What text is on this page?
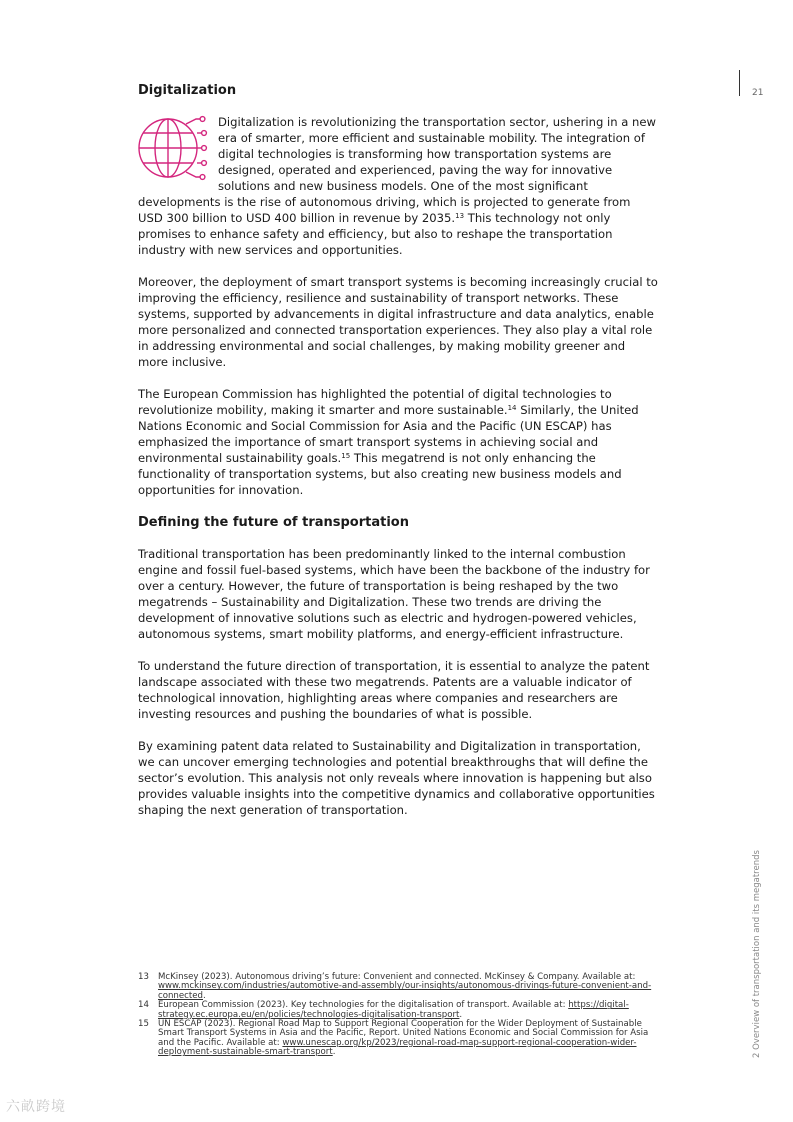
21
2 Overview of transportation and its megatrends
Digitalization

Digitalization is revolutionizing the transportation sector, ushering in a new era of smarter, more efficient and sustainable mobility. The integration of digital technologies is transforming how transportation systems are designed, operated and experienced, paving the way for innovative solutions and new business models. One of the most significant developments is the rise of autonomous driving, which is projected to generate from USD 300 billion to USD 400 billion in revenue by 2035.13 This technology not only promises to enhance safety and efficiency, but also to reshape the transportation industry with new services and opportunities.

Moreover, the deployment of smart transport systems is becoming increasingly crucial to improving the efficiency, resilience and sustainability of transport networks. These systems, supported by advancements in digital infrastructure and data analytics, enable more personalized and connected transportation experiences. They also play a vital role in addressing environmental and social challenges, by making mobility greener and more inclusive.

The European Commission has highlighted the potential of digital technologies to revolutionize mobility, making it smarter and more sustainable.$^{14}$ Similarly, the United Nations Economic and Social Commission for Asia and the Pacific (UN ESCAP) has emphasized the importance of smart transport systems in achieving social and environmental sustainability goals.$^{15}$ This megatrend is not only enhancing the functionality of transportation systems, but also creating new business models and opportunities for innovation.

Defining the future of transportation

Traditional transportation has been predominantly linked to the internal combustion engine and fossil fuel-based systems, which have been the backbone of the industry for over a century. However, the future of transportation is being reshaped by the two megatrends – Sustainability and Digitalization. These two trends are driving the development of innovative solutions such as electric and hydrogen-powered vehicles, autonomous systems, smart mobility platforms, and energy-efficient infrastructure.

To understand the future direction of transportation, it is essential to analyze the patent landscape associated with these two megatrends. Patents are a valuable indicator of technological innovation, highlighting areas where companies and researchers are investing resources and pushing the boundaries of what is possible.

By examining patent data related to Sustainability and Digitalization in transportation, we can uncover emerging technologies and potential breakthroughs that will define the sector’s evolution. This analysis not only reveals where innovation is happening but also provides valuable insights into the competitive dynamics and collaborative opportunities shaping the next generation of transportation.

13	McKinsey (2023). Autonomous driving’s future: Convenient and connected. McKinsey & Company. Available at: www.mckinsey.com/industries/automotive-and-assembly/our-insights/autonomous-drivings-future-convenient-and-connected.
14	European Commission (2023). Key technologies for the digitalisation of transport. Available at: https://digital-strategy.ec.europa.eu/en/policies/technologies-digitalisation-transport.
15	UN ESCAP (2023). Regional Road Map to Support Regional Cooperation for the Wider Deployment of Sustainable Smart Transport Systems in Asia and the Pacific, Report. United Nations Economic and Social Commission for Asia and the Pacific. Available at: www.unescap.org/kp/2023/regional-road-map-support-regional-cooperation-wider-deployment-sustainable-smart-transport.
六畝跨境
